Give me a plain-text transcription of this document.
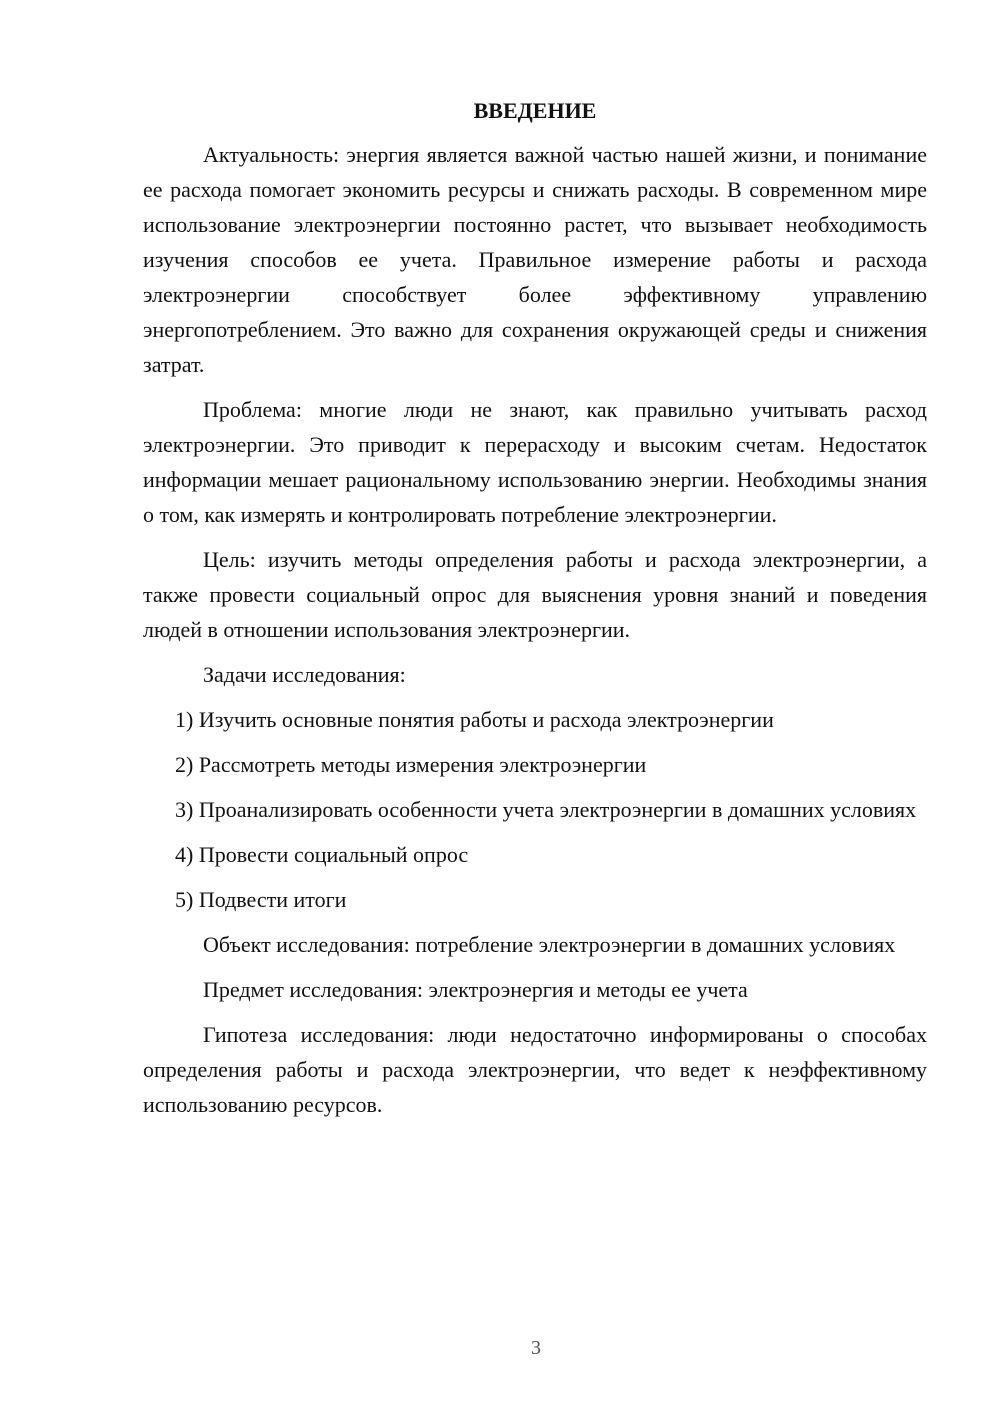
ВВЕДЕНИЕ

Актуальность: энергия является важной частью нашей жизни, и понимание ее расхода помогает экономить ресурсы и снижать расходы. В современном мире использование электроэнергии постоянно растет, что вызывает необходимость изучения способов ее учета. Правильное измерение работы и расхода электроэнергии способствует более эффективному управлению энергопотреблением. Это важно для сохранения окружающей среды и снижения затрат.

Проблема: многие люди не знают, как правильно учитывать расход электроэнергии. Это приводит к перерасходу и высоким счетам. Недостаток информации мешает рациональному использованию энергии. Необходимы знания о том, как измерять и контролировать потребление электроэнергии.

Цель: изучить методы определения работы и расхода электроэнергии, а также провести социальный опрос для выяснения уровня знаний и поведения людей в отношении использования электроэнергии.

Задачи исследования:

1) Изучить основные понятия работы и расхода электроэнергии

2) Рассмотреть методы измерения электроэнергии

3) Проанализировать особенности учета электроэнергии в домашних условиях

4) Провести социальный опрос

5) Подвести итоги

Объект исследования: потребление электроэнергии в домашних условиях

Предмет исследования: электроэнергия и методы ее учета

Гипотеза исследования: люди недостаточно информированы о способах определения работы и расхода электроэнергии, что ведет к неэффективному использованию ресурсов.

3
